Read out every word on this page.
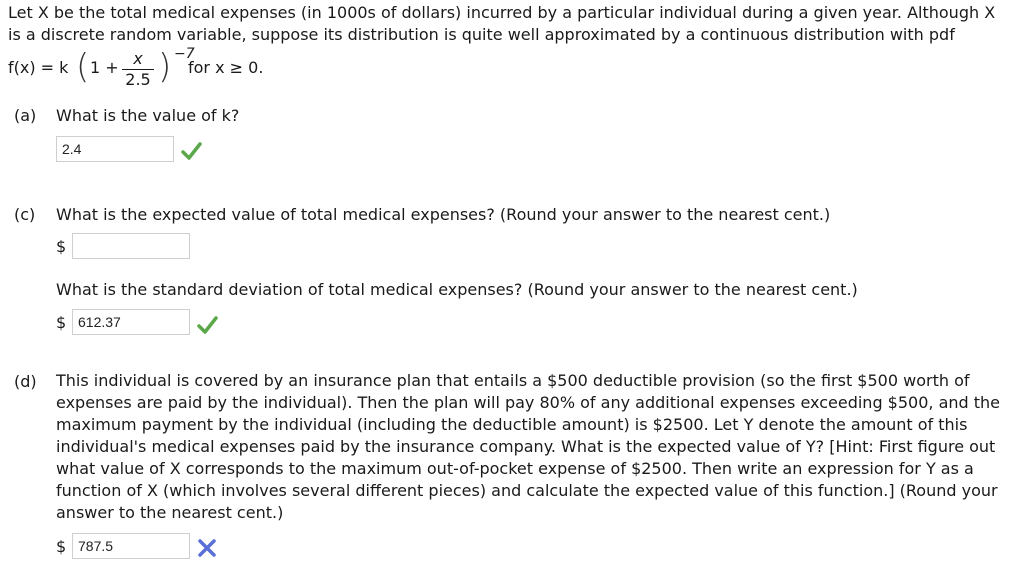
Let X be the total medical expenses (in 1000s of dollars) incurred by a particular individual during a given year. Although X

is a discrete random variable, suppose its distribution is quite well approximated by a continuous distribution with pdf

f(x) = k ( 1 + x
2.5 ) −7
for x ≥ 0.
(a) What is the value of k?
2.4
(c) What is the expected value of total medical expenses? (Round your answer to the nearest cent.)
$
What is the standard deviation of total medical expenses? (Round your answer to the nearest cent.)
$
612.37
(d) This individual is covered by an insurance plan that entails a $500 deductible provision (so the first $500 worth of

expenses are paid by the individual). Then the plan will pay 80% of any additional expenses exceeding $500, and the

maximum payment by the individual (including the deductible amount) is $2500. Let Y denote the amount of this

individual's medical expenses paid by the insurance company. What is the expected value of Y? [Hint: First figure out

what value of X corresponds to the maximum out-of-pocket expense of $2500. Then write an expression for Y as a

function of X (which involves several different pieces) and calculate the expected value of this function.] (Round your

answer to the nearest cent.)

$
787.5
